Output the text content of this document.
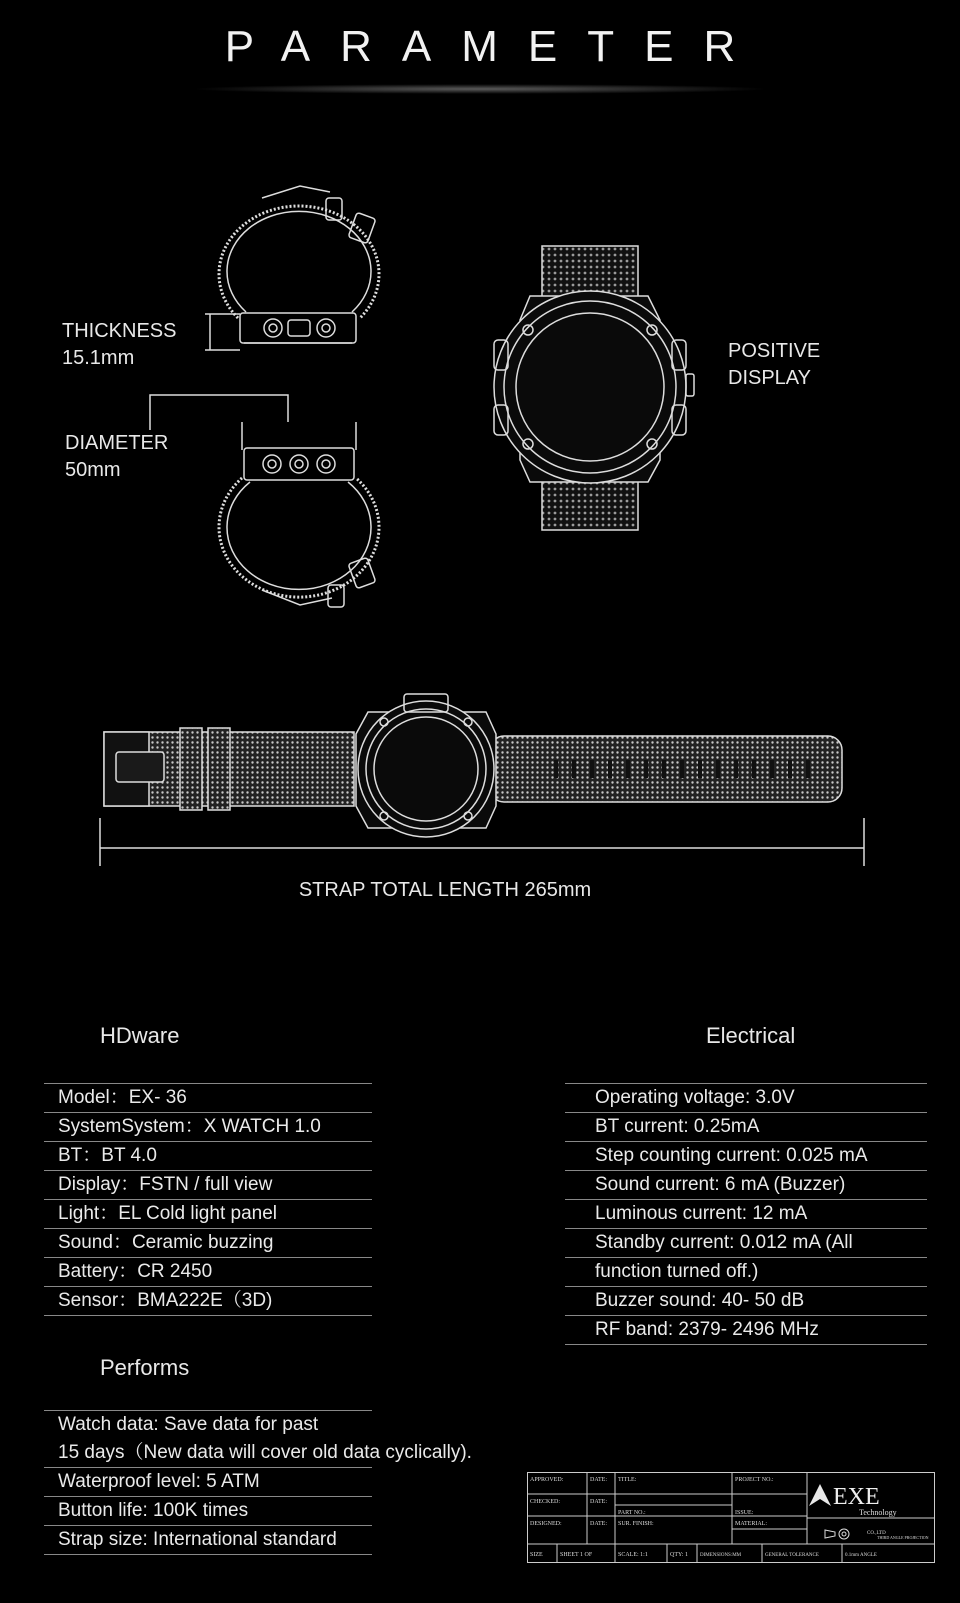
PARAMETER
THICKNESS
15.1mm
DIAMETER
50mm
POSITIVE
DISPLAY
STRAP TOTAL LENGTH 265mm
HDware
Model：EX- 36
SystemSystem：X WATCH 1.0
BT：BT 4.0
Display：FSTN / full view
Light：EL Cold light panel
Sound：Ceramic buzzing
Battery：CR 2450
Sensor：BMA222E（3D)
Electrical
Operating voltage: 3.0V
BT current: 0.25mA
Step counting current: 0.025 mA
Sound current: 6 mA (Buzzer)
Luminous current: 12 mA
Standby current: 0.012 mA (All
function turned off.)
Buzzer sound: 40- 50 dB
RF band: 2379- 2496 MHz
Performs
Watch data: Save data for past
15 days（New data will cover old data cyclically).
Waterproof level: 5 ATM
Button life: 100K times
Strap size: International standard
APPROVED:	DATE: TITLE:	PROJECT NO.:
CHECKED:	DATE:
PART NO.:	ISSUE:
DESIGNED:	DATE: SUR. FINISH:	MATERIAL:
SIZE	SHEET 1 OF	SCALE: 1:1	QTY: 1 DIMENSIONS:MM	GENERAL TOLERANCE	0.1mm ANGLE
CO.,LTD
THIRD ANGLE PROJECTION
EXE
Technology
